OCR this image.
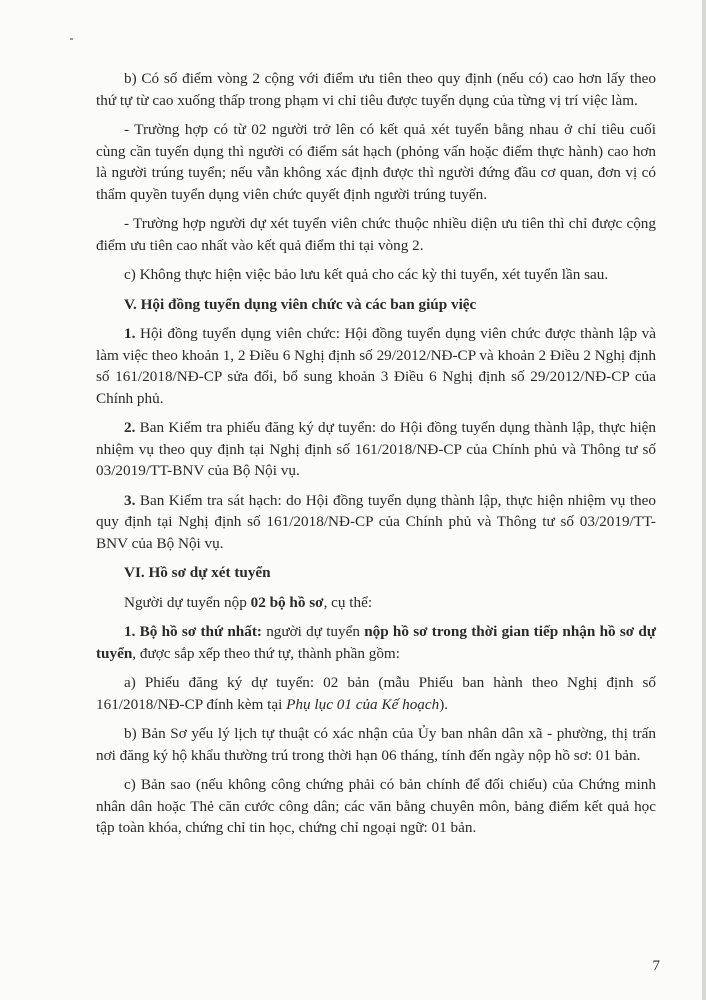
b) Có số điểm vòng 2 cộng với điểm ưu tiên theo quy định (nếu có) cao hơn lấy theo thứ tự từ cao xuống thấp trong phạm vi chỉ tiêu được tuyển dụng của từng vị trí việc làm.

- Trường hợp có từ 02 người trở lên có kết quả xét tuyển bằng nhau ở chỉ tiêu cuối cùng cần tuyển dụng thì người có điểm sát hạch (phỏng vấn hoặc điểm thực hành) cao hơn là người trúng tuyển; nếu vẫn không xác định được thì người đứng đầu cơ quan, đơn vị có thẩm quyền tuyển dụng viên chức quyết định người trúng tuyển.

- Trường hợp người dự xét tuyển viên chức thuộc nhiều diện ưu tiên thì chỉ được cộng điểm ưu tiên cao nhất vào kết quả điểm thi tại vòng 2.

c) Không thực hiện việc bảo lưu kết quả cho các kỳ thi tuyển, xét tuyển lần sau.

V. Hội đồng tuyển dụng viên chức và các ban giúp việc

1. Hội đồng tuyển dụng viên chức: Hội đồng tuyển dụng viên chức được thành lập và làm việc theo khoản 1, 2 Điều 6 Nghị định số 29/2012/NĐ-CP và khoản 2 Điều 2 Nghị định số 161/2018/NĐ-CP sửa đổi, bổ sung khoản 3 Điều 6 Nghị định số 29/2012/NĐ-CP của Chính phủ.

2. Ban Kiểm tra phiếu đăng ký dự tuyển: do Hội đồng tuyển dụng thành lập, thực hiện nhiệm vụ theo quy định tại Nghị định số 161/2018/NĐ-CP của Chính phủ và Thông tư số 03/2019/TT-BNV của Bộ Nội vụ.

3. Ban Kiểm tra sát hạch: do Hội đồng tuyển dụng thành lập, thực hiện nhiệm vụ theo quy định tại Nghị định số 161/2018/NĐ-CP của Chính phủ và Thông tư số 03/2019/TT-BNV của Bộ Nội vụ.

VI. Hồ sơ dự xét tuyển

Người dự tuyển nộp 02 bộ hồ sơ, cụ thể:

1. Bộ hồ sơ thứ nhất: người dự tuyển nộp hồ sơ trong thời gian tiếp nhận hồ sơ dự tuyển, được sắp xếp theo thứ tự, thành phần gồm:

a) Phiếu đăng ký dự tuyển: 02 bản (mẫu Phiếu ban hành theo Nghị định số 161/2018/NĐ-CP đính kèm tại Phụ lục 01 của Kế hoạch).

b) Bản Sơ yếu lý lịch tự thuật có xác nhận của Ủy ban nhân dân xã - phường, thị trấn nơi đăng ký hộ khẩu thường trú trong thời hạn 06 tháng, tính đến ngày nộp hồ sơ: 01 bản.

c) Bản sao (nếu không công chứng phải có bản chính để đối chiếu) của Chứng minh nhân dân hoặc Thẻ căn cước công dân; các văn bằng chuyên môn, bảng điểm kết quả học tập toàn khóa, chứng chỉ tin học, chứng chỉ ngoại ngữ: 01 bản.

7
